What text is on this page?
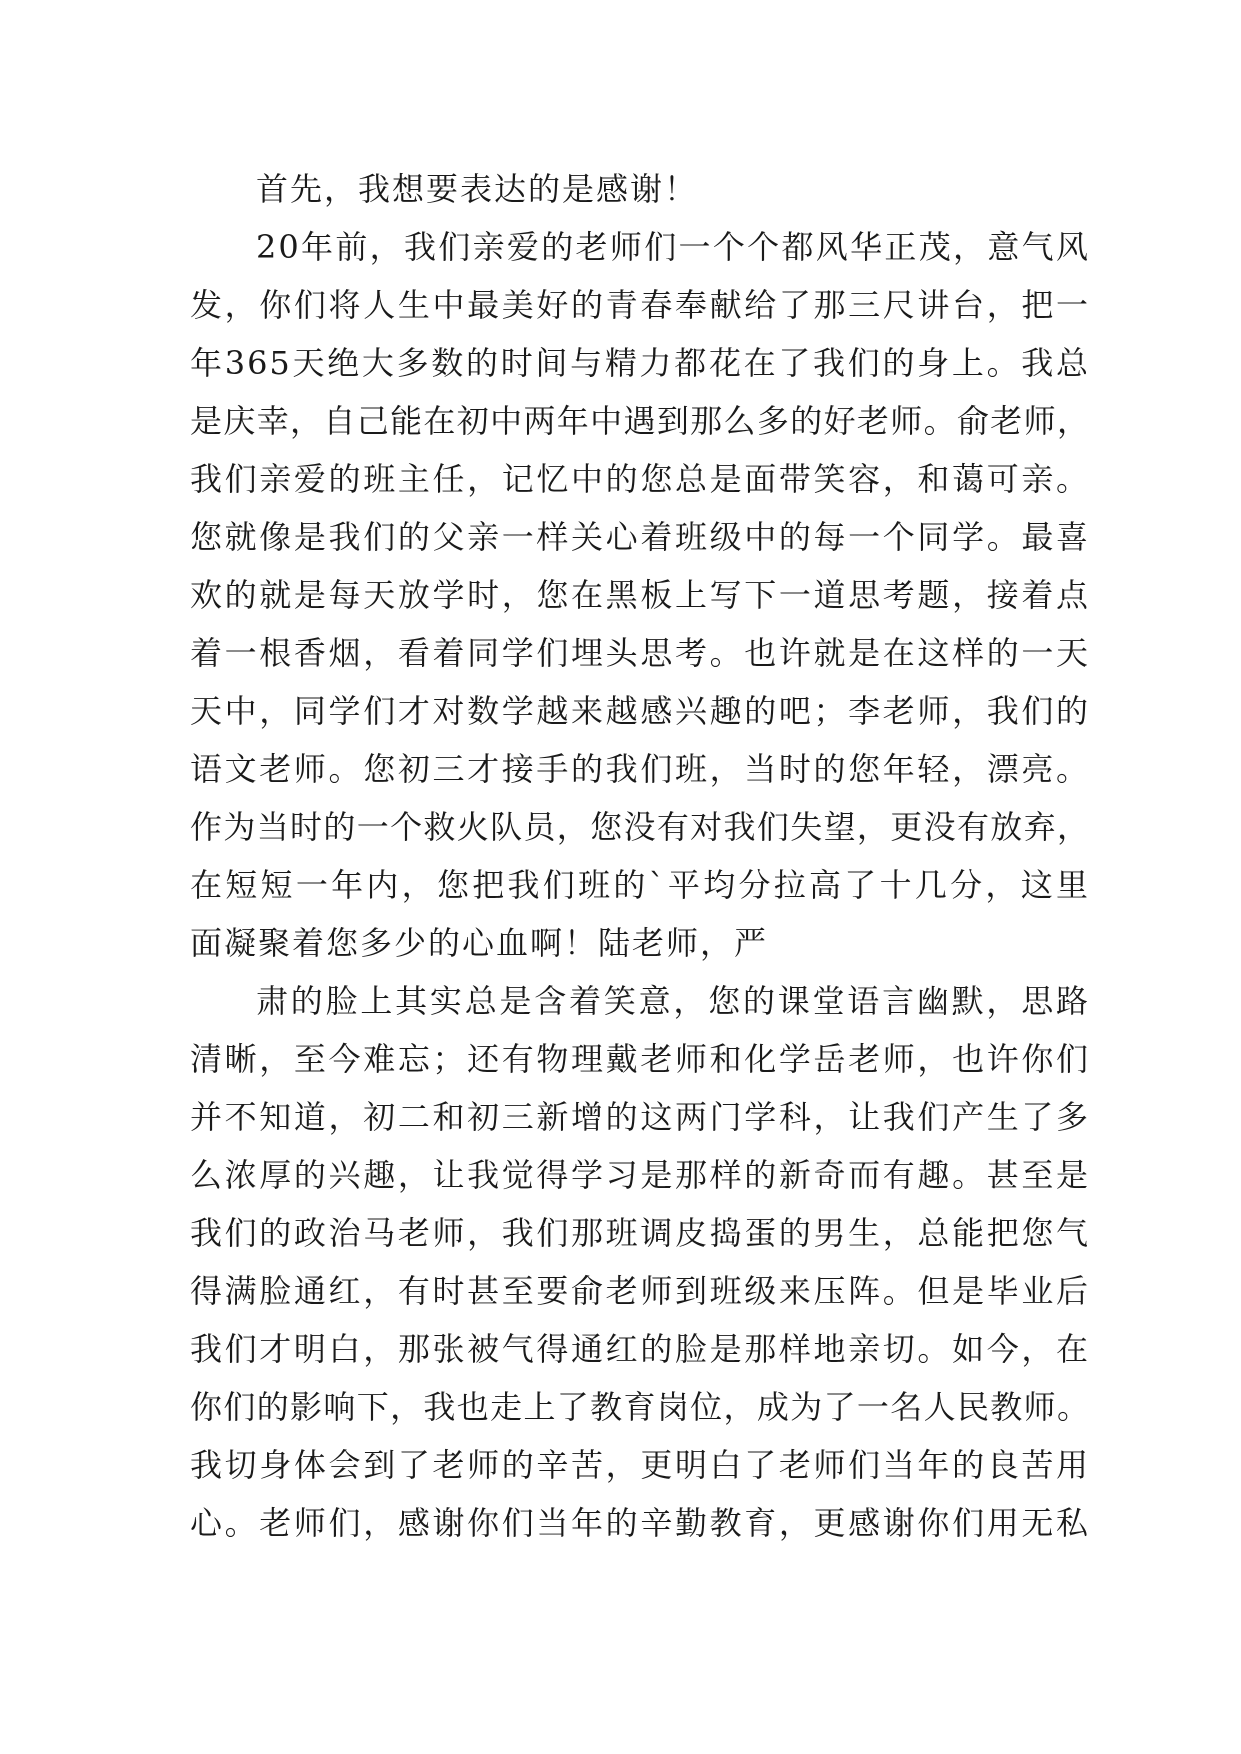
首先，我想要表达的是感谢！
20年前，我们亲爱的老师们一个个都风华正茂，意气风
发，你们将人生中最美好的青春奉献给了那三尺讲台，把一
年365天绝大多数的时间与精力都花在了我们的身上。我总
是庆幸，自己能在初中两年中遇到那么多的好老师。俞老师，
我们亲爱的班主任，记忆中的您总是面带笑容，和蔼可亲。
您就像是我们的父亲一样关心着班级中的每一个同学。最喜
欢的就是每天放学时，您在黑板上写下一道思考题，接着点
着一根香烟，看着同学们埋头思考。也许就是在这样的一天
天中，同学们才对数学越来越感兴趣的吧；李老师，我们的
语文老师。您初三才接手的我们班，当时的您年轻，漂亮。
作为当时的一个救火队员，您没有对我们失望，更没有放弃，
在短短一年内，您把我们班的`平均分拉高了十几分，这里
面凝聚着您多少的心血啊！陆老师，严
肃的脸上其实总是含着笑意，您的课堂语言幽默，思路
清晰，至今难忘；还有物理戴老师和化学岳老师，也许你们
并不知道，初二和初三新增的这两门学科，让我们产生了多
么浓厚的兴趣，让我觉得学习是那样的新奇而有趣。甚至是
我们的政治马老师，我们那班调皮捣蛋的男生，总能把您气
得满脸通红，有时甚至要俞老师到班级来压阵。但是毕业后
我们才明白，那张被气得通红的脸是那样地亲切。如今，在
你们的影响下，我也走上了教育岗位，成为了一名人民教师。
我切身体会到了老师的辛苦，更明白了老师们当年的良苦用
心。老师们，感谢你们当年的辛勤教育，更感谢你们用无私
